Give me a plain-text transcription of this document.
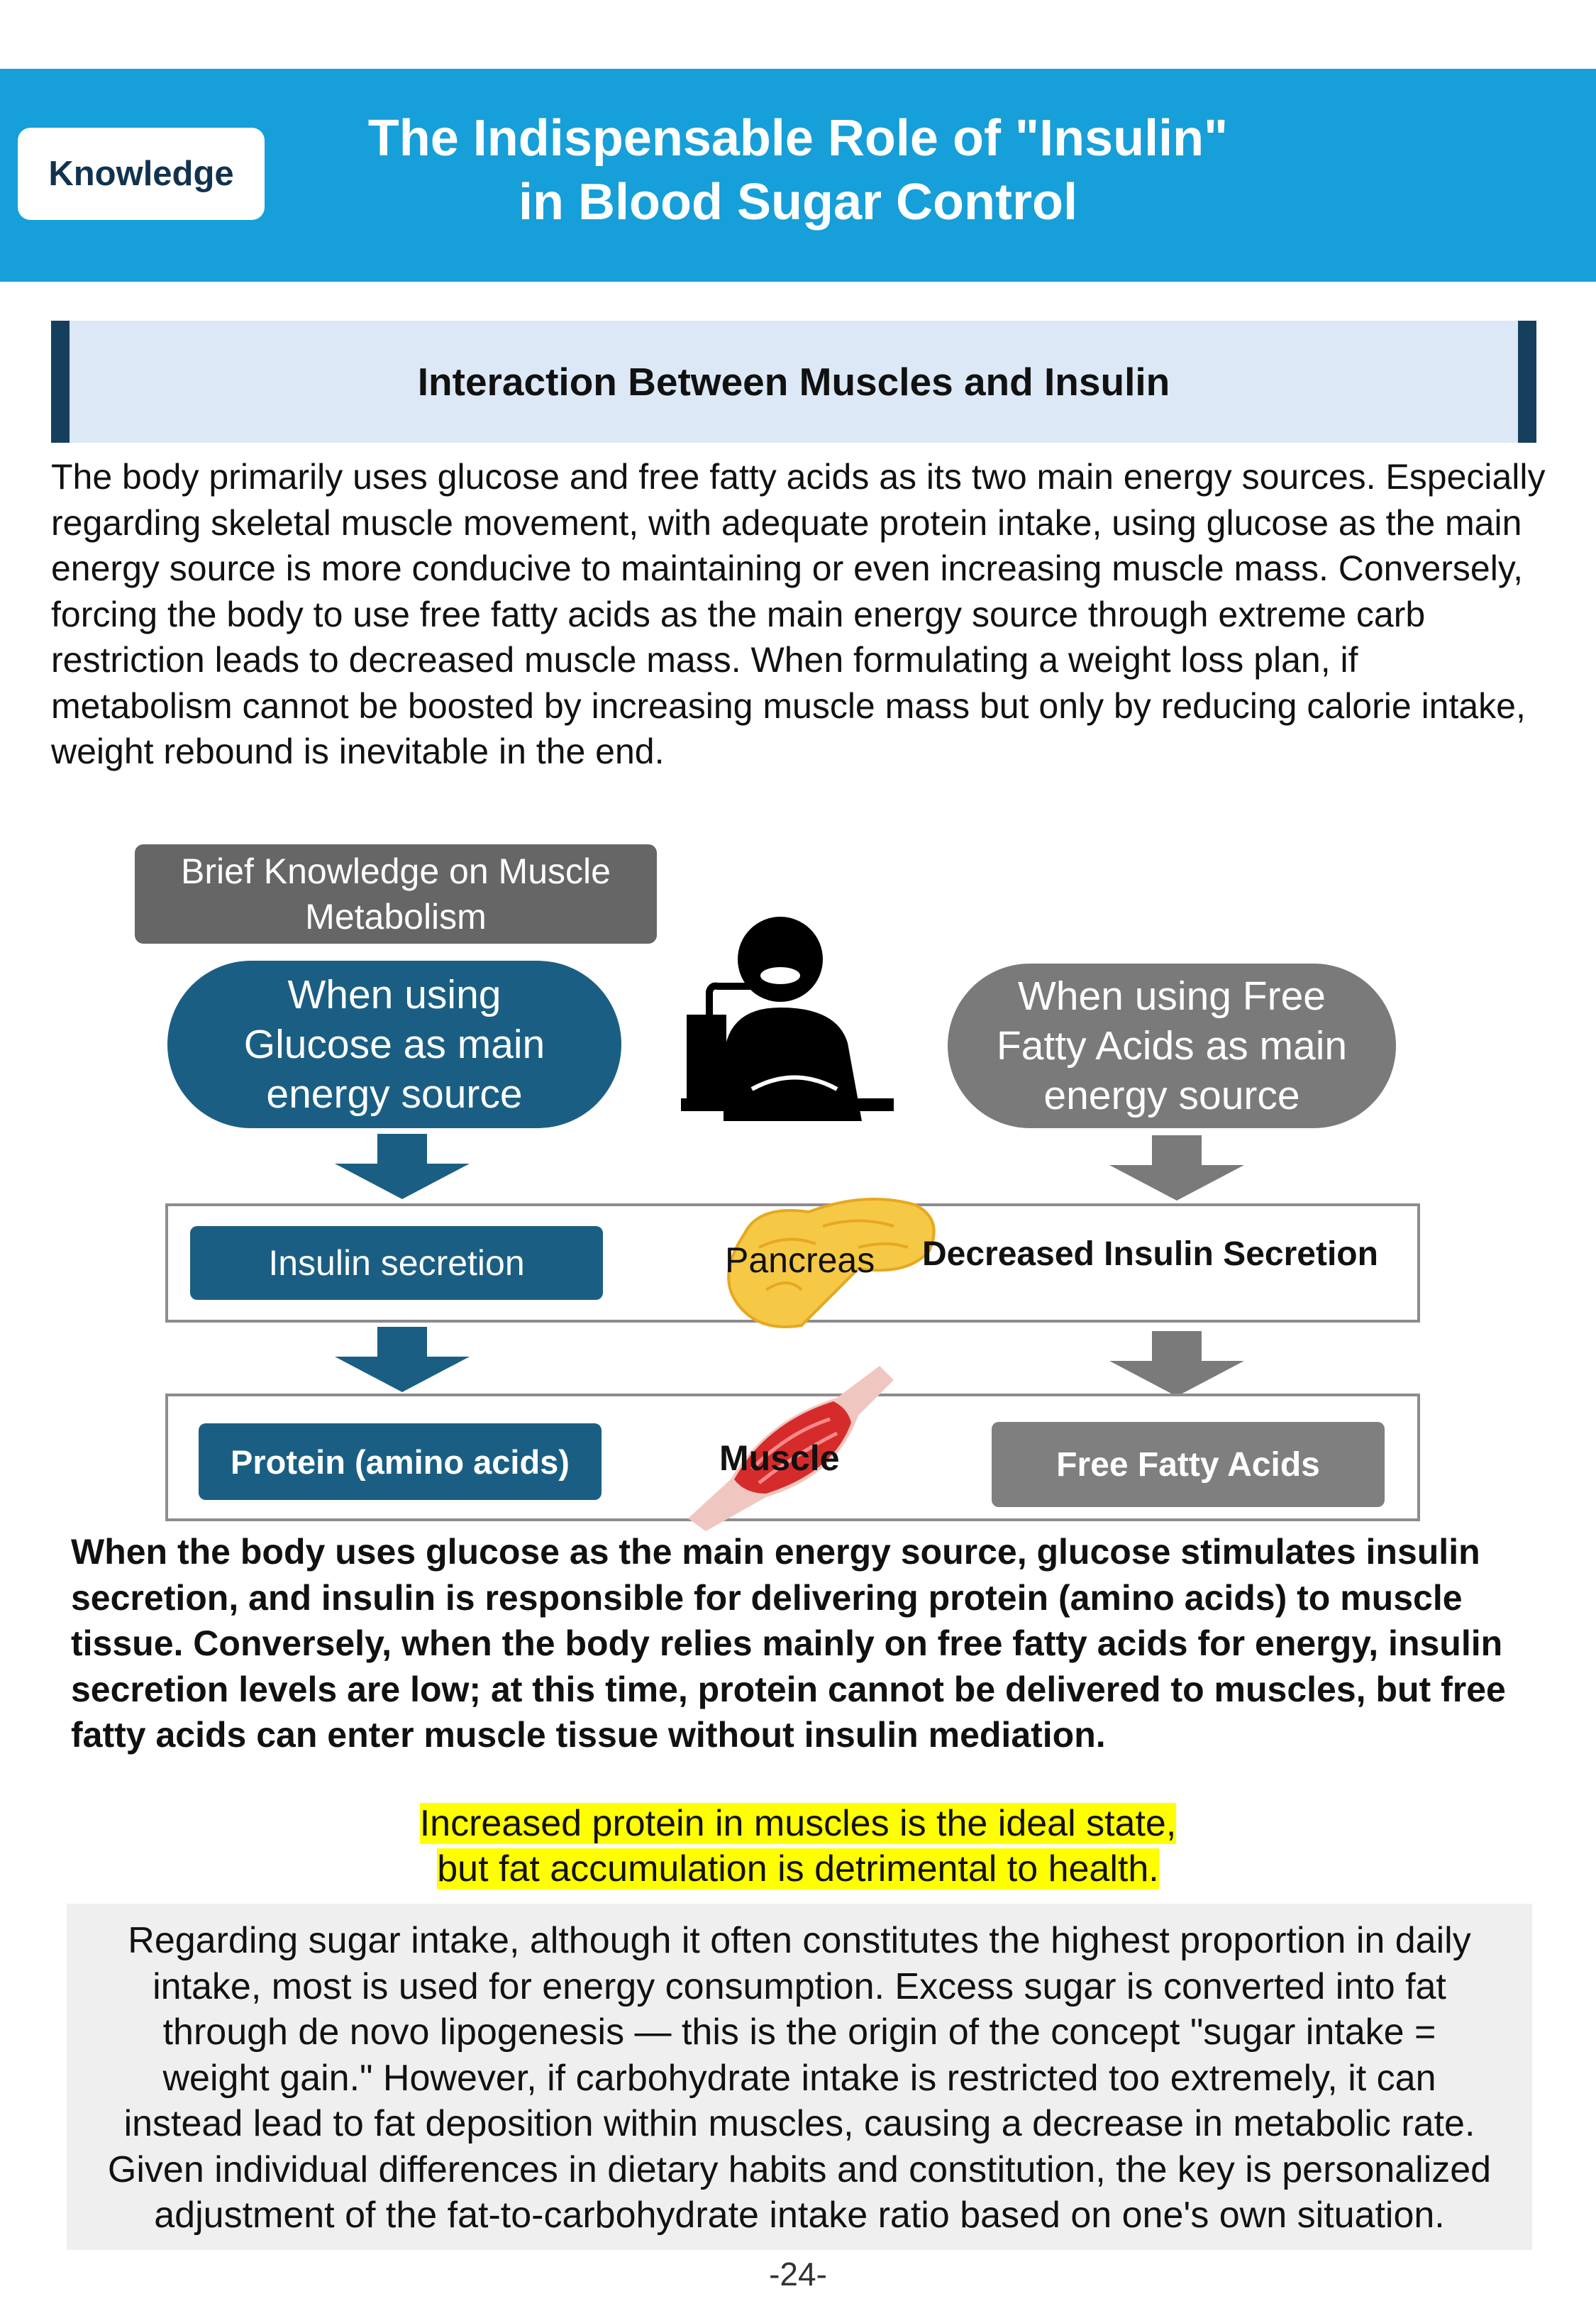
Knowledge
The Indispensable Role of "Insulin"
in Blood Sugar Control
Interaction Between Muscles and Insulin
The body primarily uses glucose and free fatty acids as its two main energy sources. Especially regarding skeletal muscle movement, with adequate protein intake, using glucose as the main energy source is more conducive to maintaining or even increasing muscle mass. Conversely, forcing the body to use free fatty acids as the main energy source through extreme carb restriction leads to decreased muscle mass. When formulating a weight loss plan, if metabolism cannot be boosted by increasing muscle mass but only by reducing calorie intake, weight rebound is inevitable in the end.
Brief Knowledge on Muscle
Metabolism
When using
Glucose as main
energy source
When using Free
Fatty Acids as main
energy source
Insulin secretion	Pancreas Decreased Insulin Secretion
Protein (amino acids)	Muscle	Free Fatty Acids
When the body uses glucose as the main energy source, glucose stimulates insulin secretion, and insulin is responsible for delivering protein (amino acids) to muscle tissue. Conversely, when the body relies mainly on free fatty acids for energy, insulin secretion levels are low; at this time, protein cannot be delivered to muscles, but free fatty acids can enter muscle tissue without insulin mediation.
Increased protein in muscles is the ideal state,
but fat accumulation is detrimental to health.
Regarding sugar intake, although it often constitutes the highest proportion in daily
intake, most is used for energy consumption. Excess sugar is converted into fat
through de novo lipogenesis — this is the origin of the concept "sugar intake =
weight gain." However, if carbohydrate intake is restricted too extremely, it can
instead lead to fat deposition within muscles, causing a decrease in metabolic rate.
Given individual differences in dietary habits and constitution, the key is personalized
adjustment of the fat-to-carbohydrate intake ratio based on one's own situation.
-24-
